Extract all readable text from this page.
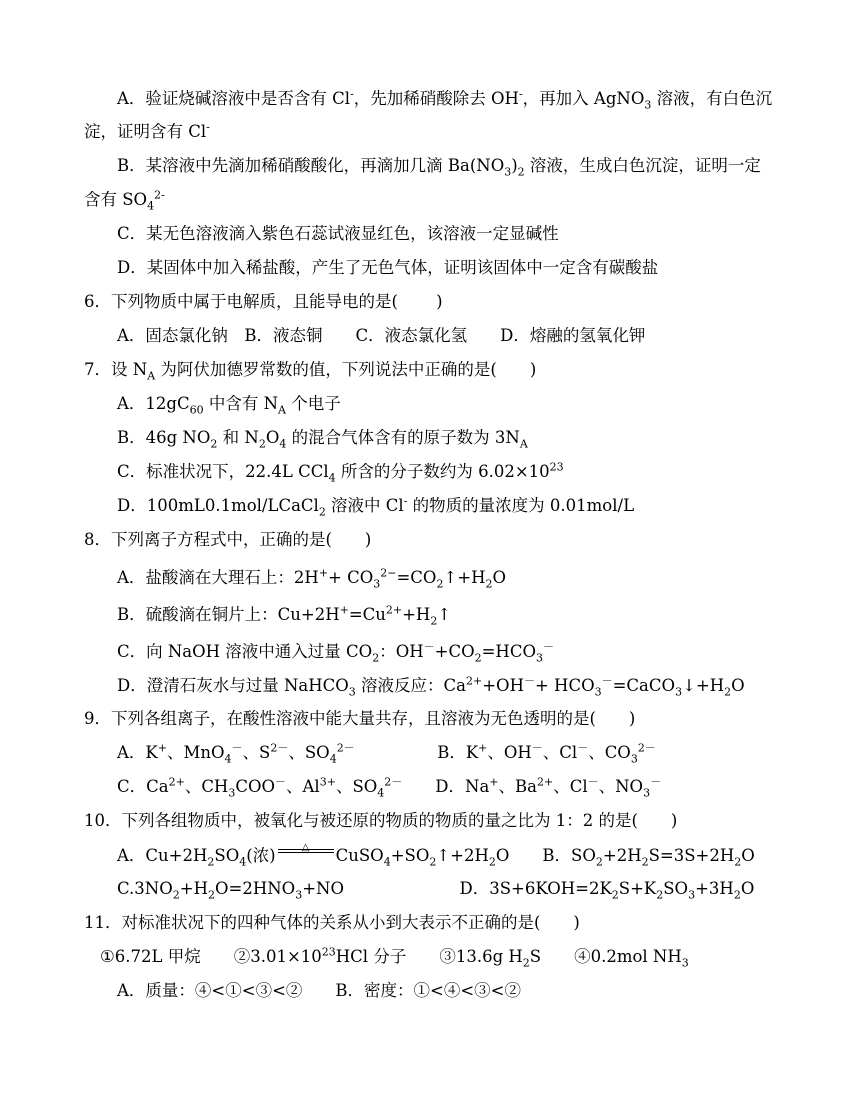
A．验证烧碱溶液中是否含有 Cl-，先加稀硝酸除去 OH-，再加入 AgNO$_3$ 溶液，有白色沉
淀，证明含有 Cl-
B．某溶液中先滴加稀硝酸酸化，再滴加几滴 $Ba(NO_3)_2$ 溶液，生成白色沉淀，证明一定
含有 $SO_4^{2-}$
C．某无色溶液滴入紫色石蕊试液显红色，该溶液一定显碱性
D．某固体中加入稀盐酸，产生了无色气体，证明该固体中一定含有碳酸盐
6．下列物质中属于电解质，且能导电的是(　　 )
A．固态氯化钠　B．液态铜　　C．液态氯化氢　　D．熔融的氢氧化钾
7．设 $N_A$ 为阿伏加德罗常数的值，下列说法中正确的是(　　)
A．$12gC_{60}$ 中含有 $N_A$ 个电子
B．46g $NO_2$ 和 $N_2O_4$ 的混合气体含有的原子数为 $3N_A$
C．标准状况下，22.4L CCl$_4$ 所含的分子数约为 $6.02\times 10^{23}$
D．100mL0.1mol/LCaCl$_2$ 溶液中 Cl- 的物质的量浓度为 0.01mol/L
8．下列离子方程式中，正确的是(　　)
A．盐酸滴在大理石上：$2H^++ CO_3^{2-}=CO_2↑+H_2O$
B．硫酸滴在铜片上：$Cu+2H^+=Cu^{2+}+H_2↑$
C．向 NaOH 溶液中通入过量 $CO_2$：$OH^-+CO_2=HCO_3^-$
D．澄清石灰水与过量 NaHCO$_3$ 溶液反应：$Ca^{2+}+OH^-+$ $HCO_3^-=CaCO_3↓+H_2O$
9．下列各组离子，在酸性溶液中能大量共存，且溶液为无色透明的是(　　)
A．K+、MnO$_4$－、$S^{2-}$、$SO_4^{2-}$　　　　　B．K+、OH－、Cl－、$CO_3^{2-}$
C．$Ca^{2+}$、$CH_3COO^-$、$Al^{3+}$、$SO_4^{2-}$　　D．Na+、$Ba^{2+}$、Cl－、$NO_3^-$
10．下列各组物质中，被氧化与被还原的物质的物质的量之比为 1：2 的是(　　)
A．$Cu+2H_2SO_4$(浓)	△	$CuSO_4+SO_2↑+2H_2O$　　B．$SO_2+2H_2S=3S+2H_2O$
$C.3NO_2+H_2O=2HNO_3+NO$　　　　　　　D．$3S+6KOH=2K_2S+K_2SO_3+3H_2O$
11．对标准状况下的四种气体的关系从小到大表示不正确的是(　　)
①6.72L 甲烷　　$②3.01\times 10^{23}HCl$ 分子　　③13.6g $H_2S$　　④0.2mol $NH_3$
A．质量：④<①<③<②　　B．密度：①<④<③<②
